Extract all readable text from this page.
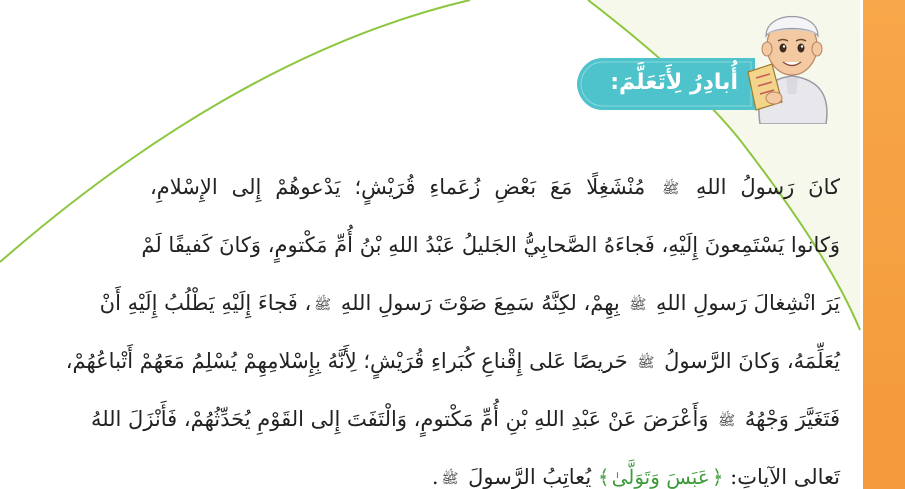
أُبادِرُ لِأَتَعَلَّمَ:
كانَ رَسولُ اللهِ ﷺ مُنْشَغِلًا مَعَ بَعْضِ زُعَماءِ قُرَيْشٍ؛ يَدْعوهُمْ إِلى الإِسْلامِ،
وَكانوا يَسْتَمِعونَ إِلَيْهِ، فَجاءَهُ الصَّحابِيُّ الجَليلُ عَبْدُ اللهِ بْنُ أُمِّ مَكْتومٍ، وَكانَ كَفيفًا لَمْ
يَرَ انْشِغالَ رَسولِ اللهِ ﷺ بِهِمْ، لكِنَّهُ سَمِعَ صَوْتَ رَسولِ اللهِ ﷺ، فَجاءَ إِلَيْهِ يَطْلُبُ إِلَيْهِ أَنْ
يُعَلِّمَهُ، وَكانَ الرَّسولُ ﷺ حَريصًا عَلى إِقْناعِ كُبَراءِ قُرَيْشٍ؛ لِأَنَّهُ بِإِسْلامِهِمْ يُسْلِمُ مَعَهُمْ أَتْباعُهُمْ،
فَتَغَيَّرَ وَجْهُهُ ﷺ وَأَعْرَضَ عَنْ عَبْدِ اللهِ بْنِ أُمِّ مَكْتومٍ، وَالْتَفَتَ إِلى القَوْمِ يُحَدِّثُهُمْ، فَأَنْزَلَ اللهُ
تَعالى الآياتِ: ﴿عَبَسَ وَتَوَلَّىٰ﴾ يُعاتِبُ الرَّسولَ ﷺ.
